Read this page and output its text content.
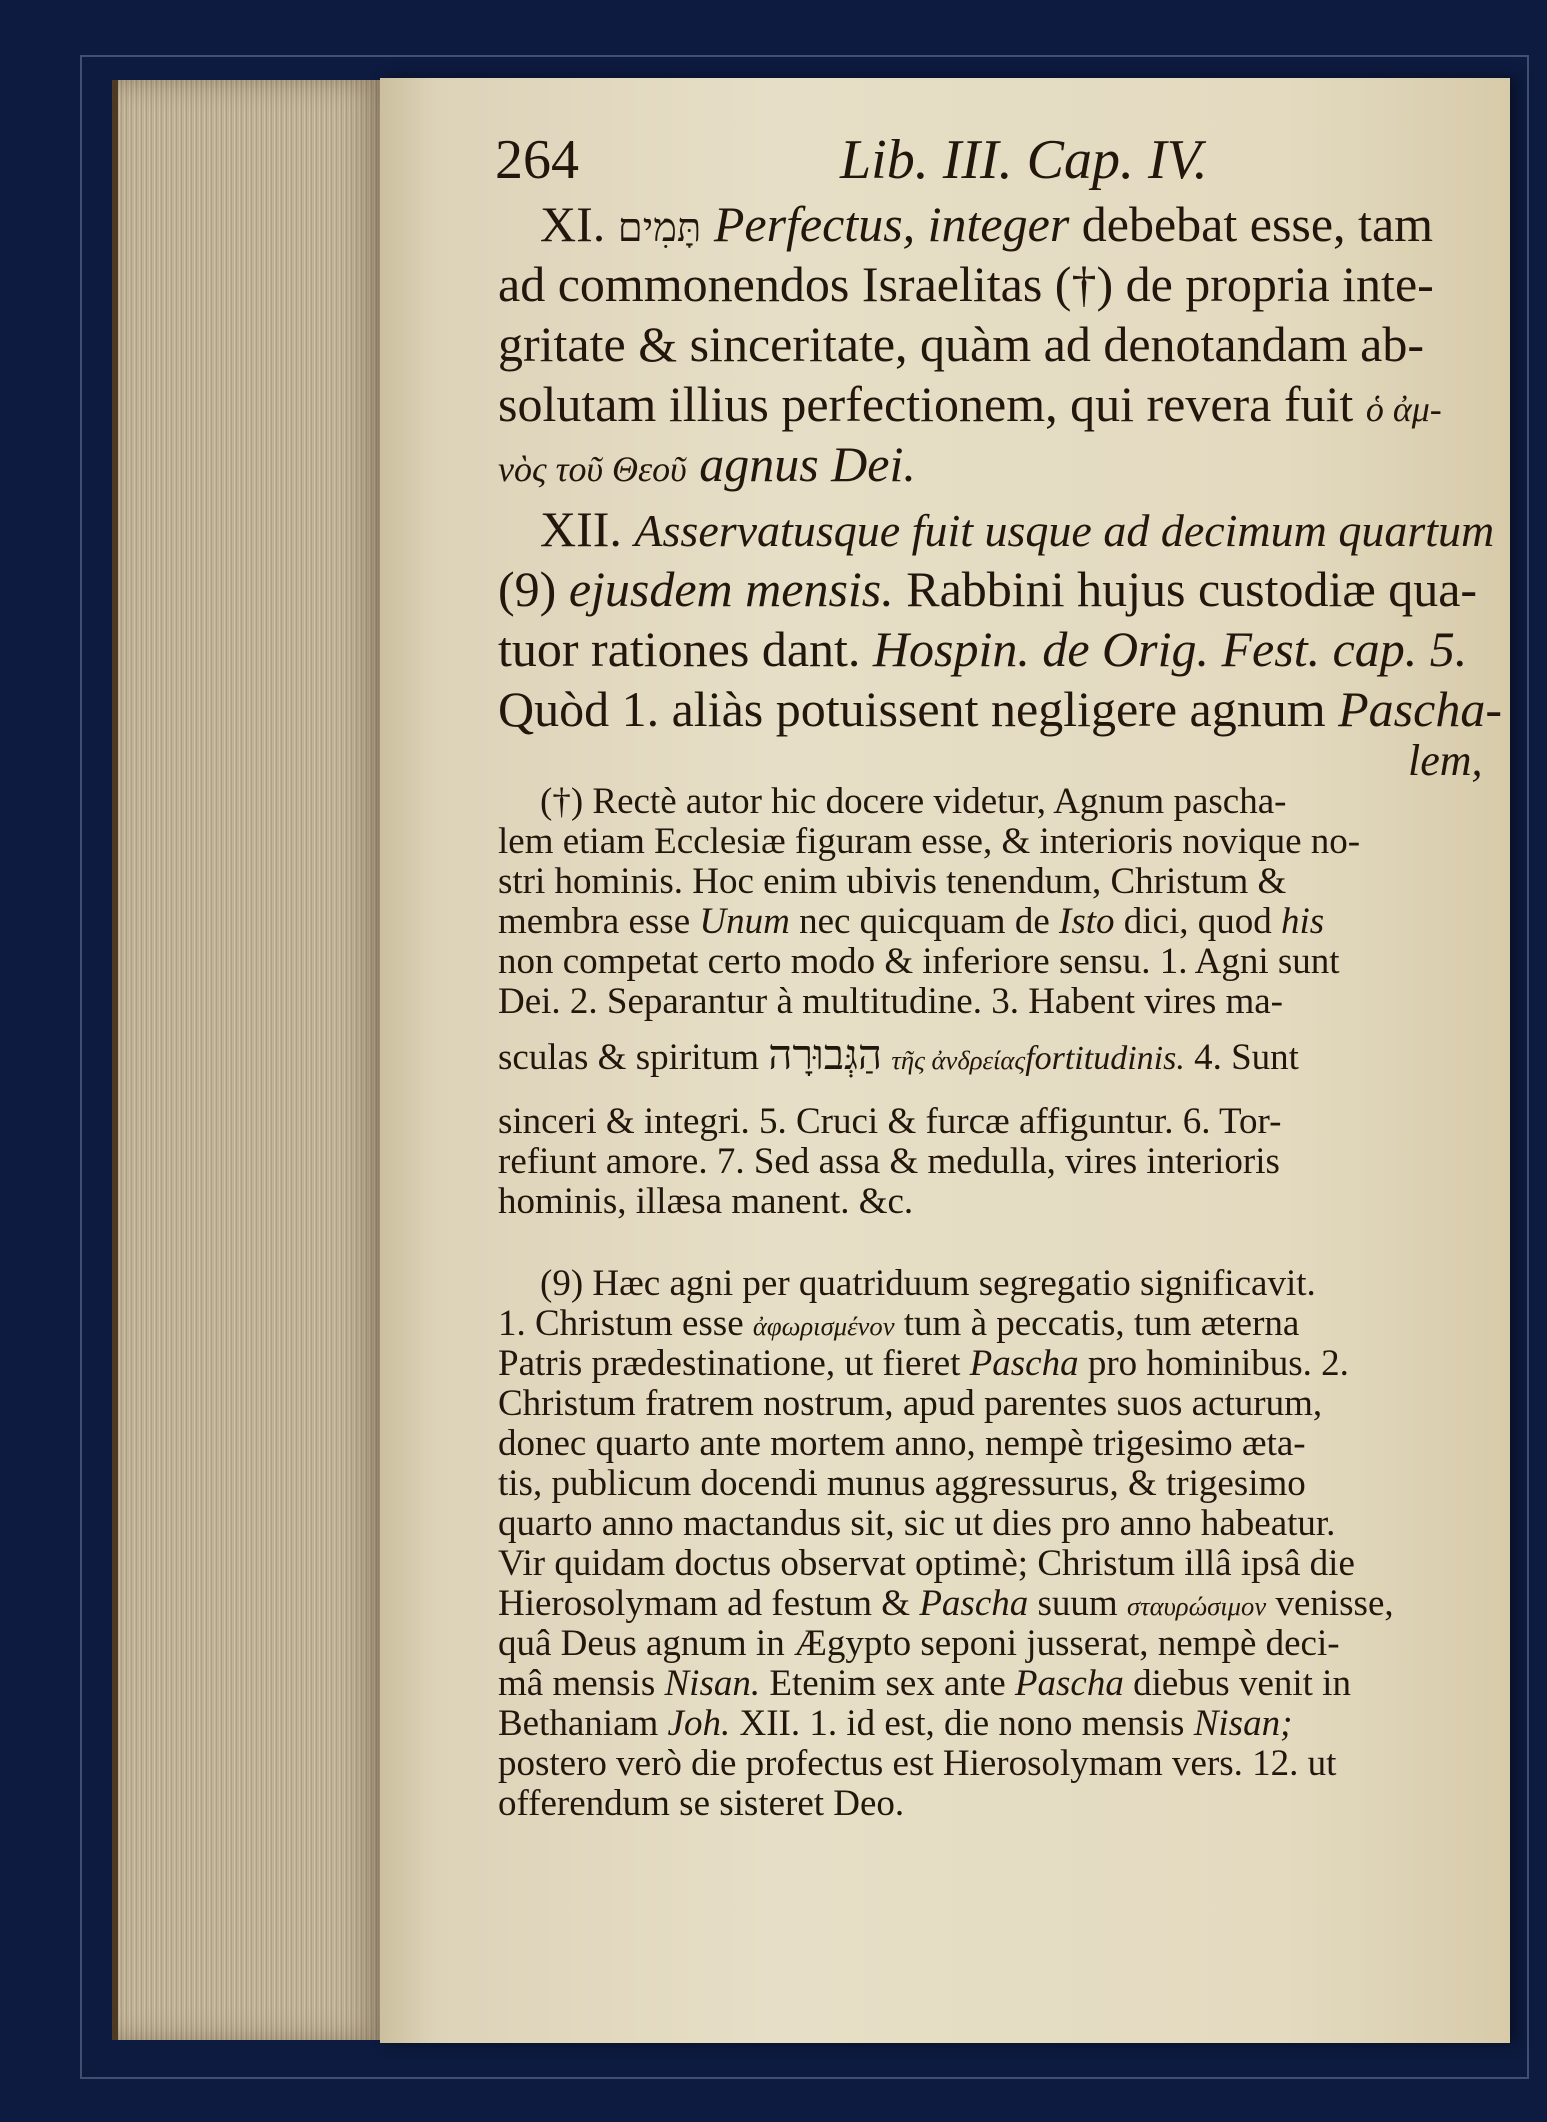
264	Lib. III. Cap. IV.
XI. תָּמִים Perfectus, integer debebat esse, tam
ad commonendos Israelitas (†) de propria inte-
gritate & sinceritate, quàm ad denotandam ab-
solutam illius perfectionem, qui revera fuit ὁ ἀμ-
νὸς τοῦ Θεοῦ agnus Dei.
XII. Asservatusque fuit usque ad decimum quartum
(9) ejusdem mensis. Rabbini hujus custodiæ qua-
tuor rationes dant. Hospin. de Orig. Fest. cap. 5.
Quòd 1. aliàs potuissent negligere agnum Pascha-
lem,
(†) Rectè autor hic docere videtur, Agnum pascha-
lem etiam Ecclesiæ figuram esse, & interioris novique no-
stri hominis. Hoc enim ubivis tenendum, Christum &
membra esse Unum nec quicquam de Isto dici, quod his
non competat certo modo & inferiore sensu. 1. Agni sunt
Dei. 2. Separantur à multitudine. 3. Habent vires ma-
sculas & spiritum הַגְּבוּרָה τῆς ἀνδρείαςfortitudinis. 4. Sunt
sinceri & integri. 5. Cruci & furcæ affiguntur. 6. Tor-
refiunt amore. 7. Sed assa & medulla, vires interioris
hominis, illæsa manent. &c.
(9) Hæc agni per quatriduum segregatio significavit.
1. Christum esse ἀφωρισμένον tum à peccatis, tum æterna
Patris prædestinatione, ut fieret Pascha pro hominibus. 2.
Christum fratrem nostrum, apud parentes suos acturum,
donec quarto ante mortem anno, nempè trigesimo æta-
tis, publicum docendi munus aggressurus, & trigesimo
quarto anno mactandus sit, sic ut dies pro anno habeatur.
Vir quidam doctus observat optimè; Christum illâ ipsâ die
Hierosolymam ad festum & Pascha suum σταυρώσιμον venisse,
quâ Deus agnum in Ægypto seponi jusserat, nempè deci-
mâ mensis Nisan. Etenim sex ante Pascha diebus venit in
Bethaniam Joh. XII. 1. id est, die nono mensis Nisan;
postero verò die profectus est Hierosolymam vers. 12. ut
offerendum se sisteret Deo.
